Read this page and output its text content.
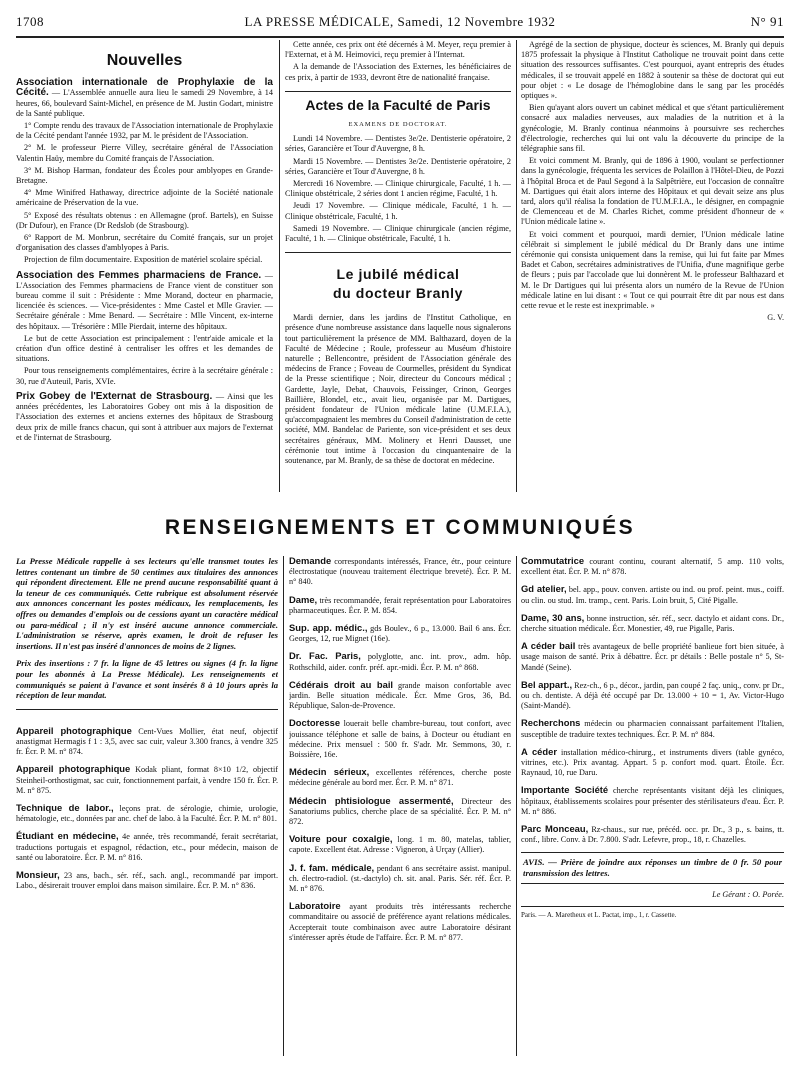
1708	LA PRESSE MÉDICALE, Samedi, 12 Novembre 1932	N° 91
Nouvelles

Association internationale de Prophylaxie de la Cécité. — L'Assemblée annuelle aura lieu le samedi 29 Novembre, à 14 heures, 66, boulevard Saint-Michel, en présence de M. Justin Godart, ministre de la Santé publique.

1° Compte rendu des travaux de l'Association internationale de Prophylaxie de la Cécité pendant l'année 1932, par M. le président de l'Association.

2° M. le professeur Pierre Villey, secrétaire général de l'Association Valentin Haüy, membre du Comité français de l'Association.

3° M. Bishop Harman, fondateur des Écoles pour amblyopes en Grande-Bretagne.

4° Mme Winifred Hathaway, directrice adjointe de la Société nationale américaine de Préservation de la vue.

5° Exposé des résultats obtenus : en Allemagne (prof. Bartels), en Suisse (Dr Dufour), en France (Dr Redslob (de Strasbourg).

6° Rapport de M. Monbrun, secrétaire du Comité français, sur un projet d'organisation des classes d'amblyopes à Paris.

Projection de film documentaire. Exposition de matériel scolaire spécial.

Association des Femmes pharmaciens de France. — L'Association des Femmes pharmaciens de France vient de constituer son bureau comme il suit : Présidente : Mme Morand, docteur en pharmacie, licenciée ès sciences. — Vice-présidentes : Mme Castel et Mlle Gravier. — Secrétaire générale : Mme Benard. — Secrétaire : Mlle Vincent, ex-interne des hôpitaux. — Trésorière : Mlle Pierdait, interne des hôpitaux.

Le but de cette Association est principalement : l'entr'aide amicale et la création d'un office destiné à centraliser les offres et les demandes de situations.

Pour tous renseignements complémentaires, écrire à la secrétaire générale : 30, rue d'Auteuil, Paris, XVIe.

Prix Gobey de l'Externat de Strasbourg. — Ainsi que les années précédentes, les Laboratoires Gobey ont mis à la disposition de l'Association des externes et anciens externes des hôpitaux de Strasbourg deux prix de mille francs chacun, qui sont à attribuer aux majors de l'externat et de l'internat de Strasbourg.

Cette année, ces prix ont été décernés à M. Meyer, reçu premier à l'Externat, et à M. Heimovici, reçu premier à l'Internat.

A la demande de l'Association des Externes, les bénéficiaires de ces prix, à partir de 1933, devront être de nationalité française.

Actes de la Faculté de Paris
EXAMENS DE DOCTORAT.

Lundi 14 Novembre. — Dentistes 3e/2e. Dentisterie opératoire, 2 séries, Garancière et Tour d'Auvergne, 8 h.

Mardi 15 Novembre. — Dentistes 3e/2e. Dentisterie opératoire, 2 séries, Garancière et Tour d'Auvergne, 8 h.

Mercredi 16 Novembre. — Clinique chirurgicale, Faculté, 1 h. — Clinique obstétricale, 2 séries dont 1 ancien régime, Faculté, 1 h.

Jeudi 17 Novembre. — Clinique médicale, Faculté, 1 h. — Clinique obstétricale, Faculté, 1 h.

Samedi 19 Novembre. — Clinique chirurgicale (ancien régime, Faculté, 1 h. — Clinique obstétricale, Faculté, 1 h.

Le jubilé médical
du docteur Branly

Mardi dernier, dans les jardins de l'Institut Catholique, en présence d'une nombreuse assistance dans laquelle nous signalerons tout particulièrement la présence de MM. Balthazard, doyen de la Faculté de Médecine ; Roule, professeur au Muséum d'histoire naturelle ; Bellencontre, président de l'Association générale des médecins de France ; Foveau de Courmelles, président du Syndicat de la Presse scientifique ; Noir, directeur du Concours médical ; Gardette, Jayle, Debat, Chauvois, Feissinger, Crinon, Georges Baillière, Blondel, etc., avait lieu, organisée par M. Dartigues, président fondateur de l'Union médicale latine (U.M.F.I.A.), qu'accompagnaient les membres du Conseil d'administration de cette société, MM. Bandelac de Pariente, son vice-président et ses deux secrétaires généraux, MM. Molinery et Henri Dausset, une cérémonie tout intime à l'occasion du cinquantenaire de la soutenance, par M. Branly, de sa thèse de doctorat en médecine.

Agrégé de la section de physique, docteur ès sciences, M. Branly qui depuis 1875 professait la physique à l'Institut Catholique ne trouvait point dans cette situation des ressources suffisantes. C'est pourquoi, ayant entrepris des études médicales, il se trouvait appelé en 1882 à soutenir sa thèse de doctorat qui eut pour objet : « Le dosage de l'hémoglobine dans le sang par les procédés optiques ».

Bien qu'ayant alors ouvert un cabinet médical et que s'étant particulièrement consacré aux maladies nerveuses, aux maladies de la nutrition et à la gynécologie, M. Branly continua néanmoins à poursuivre ses recherches d'électrologie, recherches qui lui ont valu la découverte du principe de la télégraphie sans fil.

Et voici comment M. Branly, qui de 1896 à 1900, voulant se perfectionner dans la gynécologie, fréquenta les services de Polaillon à l'Hôtel-Dieu, de Pozzi à l'hôpital Broca et de Paul Segond à la Salpêtrière, eut l'occasion de connaître M. Dartigues qui était alors interne des Hôpitaux et qui devait seize ans plus tard, alors qu'il réalisa la fondation de l'U.M.F.I.A., le désigner, en compagnie de Clemenceau et de M. Charles Richet, comme président d'honneur de « l'Union médicale latine ».

Et voici comment et pourquoi, mardi dernier, l'Union médicale latine célébrait si simplement le jubilé médical du Dr Branly dans une intime cérémonie qui consista uniquement dans la remise, qui lui fut faite par Mmes Badet et Cabon, secrétaires administratives de l'Unifia, d'une magnifique gerbe de fleurs ; puis par l'accolade que lui donnèrent M. le professeur Balthazard et M. le Dr Dartigues qui lui présenta alors un numéro de la Revue de l'Union médicale latine en lui disant : « Tout ce qui pourrait être dit par nous est dans cette revue et le reste est inexprimable. »

G. V.
RENSEIGNEMENTS ET COMMUNIQUÉS

La Presse Médicale rappelle à ses lecteurs qu'elle transmet toutes les lettres contenant un timbre de 50 centimes aux titulaires des annonces qui répondent directement. Elle ne prend aucune responsabilité quant à la teneur de ces communiqués. Cette rubrique est absolument réservée aux annonces concernant les postes médicaux, les remplacements, les offres ou demandes d'emplois ou de cessions ayant un caractère médical ou para-médical ; il n'y est inséré aucune annonce commerciale. L'administration se réserve, après examen, le droit de refuser les insertions. Il n'est pas inséré d'annonces de moins de 2 lignes.

Prix des insertions : 7 fr. la ligne de 45 lettres ou signes (4 fr. la ligne pour les abonnés à La Presse Médicale). Les renseignements et communiqués se paient à l'avance et sont insérés 8 à 10 jours après la réception de leur mandat.

Appareil photographique Cent-Vues Mollier, état neuf, objectif anastigmat Hermagis f 1 : 3,5, avec sac cuir, valeur 3.300 francs, à vendre 325 fr. Écr. P. M. n° 874.

Appareil photographique Kodak pliant, format 8×10 1/2, objectif Steinheil-orthostigmat, sac cuir, fonctionnement parfait, à vendre 150 fr. Écr. P. M. n° 875.

Technique de labor., leçons prat. de sérologie, chimie, urologie, hématologie, etc., données par anc. chef de labo. à la Faculté. Écr. P. M. n° 801.

Étudiant en médecine, 4e année, très recommandé, ferait secrétariat, traductions portugais et espagnol, rédaction, etc., pour médecin, maison de santé ou laboratoire. Écr. P. M. n° 816.

Monsieur, 23 ans, bach., sér. réf., sach. angl., recommandé par import. Labo., désirerait trouver emploi dans maison similaire. Écr. P. M. n° 836.

Demande correspondants intéressés, France, étr., pour ceinture électrostatique (nouveau traitement électrique breveté). Écr. P. M. n° 840.

Dame, très recommandée, ferait représentation pour Laboratoires pharmaceutiques. Écr. P. M. 854.

Sup. app. médic., gds Boulev., 6 p., 13.000. Bail 6 ans. Écr. Georges, 12, rue Mignet (16e).

Dr. Fac. Paris, polyglotte, anc. int. prov., adm. hôp. Rothschild, aider. confr. préf. apr.-midi. Écr. P. M. n° 868.

Cédérais droit au bail grande maison confortable avec jardin. Belle situation médicale. Écr. Mme Gros, 36, Bd. République, Salon-de-Provence.

Doctoresse louerait belle chambre-bureau, tout confort, avec jouissance téléphone et salle de bains, à Docteur ou étudiant en médecine. Prix mensuel : 500 fr. S'adr. Mr. Semmons, 30, r. Boissière, 16e.

Médecin sérieux, excellentes références, cherche poste médecine générale au bord mer. Écr. P. M. n° 871.

Médecin phtisiologue assermenté, Directeur des Sanatoriums publics, cherche place de sa spécialité. Écr. P. M. n° 872.

Voiture pour coxalgie, long. 1 m. 80, matelas, tablier, capote. Excellent état. Adresse : Vigneron, à Urçay (Allier).

J. f. fam. médicale, pendant 6 ans secrétaire assist. manipul. ch. électro-radiol. (st.-dactylo) ch. sit. anal. Paris. Sér. réf. Écr. P. M. n° 876.

Laboratoire ayant produits très intéressants recherche commanditaire ou associé de préférence ayant relations médicales. Accepterait toute combinaison avec autre Laboratoire désirant s'intéresser après étude de l'affaire. Écr. P. M. n° 877.

Commutatrice courant continu, courant alternatif, 5 amp. 110 volts, excellent état. Écr. P. M. n° 878.

Gd atelier, bel. app., pouv. conven. artiste ou ind. ou prof. peint. mus., coiff. ou clin. ou stud. Im. tramp., cent. Paris. Loin bruit, 5, Cité Pigalle.

Dame, 30 ans, bonne instruction, sér. réf., secr. dactylo et aidant cons. Dr., cherche situation médicale. Écr. Monestier, 49, rue Pigalle, Paris.

A céder bail très avantageux de belle propriété banlieue fort bien située, à usage maison de santé. Prix à débattre. Écr. pr détails : Belle postale n° 5, St-Mandé (Seine).

Bel appart., Rez-ch., 6 p., décor., jardin, pan coupé 2 faç. uniq., conv. pr Dr., ou ch. dentiste. A déjà été occupé par Dr. 13.000 + 10 = 1, Av. Victor-Hugo (Saint-Mandé).

Recherchons médecin ou pharmacien connaissant parfaitement l'Italien, susceptible de traduire textes techniques. Écr. P. M. n° 884.

A céder installation médico-chirurg., et instruments divers (table gynéco, vitrines, etc.). Prix avantag. Appart. 5 p. confort mod. quart. Étoile. Écr. Raynaud, 10, rue Daru.

Importante Société cherche représentants visitant déjà les cliniques, hôpitaux, établissements scolaires pour présenter des stérilisateurs d'eau. Écr. P. M. n° 886.

Parc Monceau, Rz-chaus., sur rue, précéd. occ. pr. Dr., 3 p., s. bains, tt. conf., libre. Conv. à Dr. 7.800. S'adr. Lefevre, prop., 18, r. Chazelles.

AVIS. — Prière de joindre aux réponses un timbre de 0 fr. 50 pour transmission des lettres.
Le Gérant : O. Porée.
Paris. — A. Maretheux et L. Pactat, imp., 1, r. Cassette.
